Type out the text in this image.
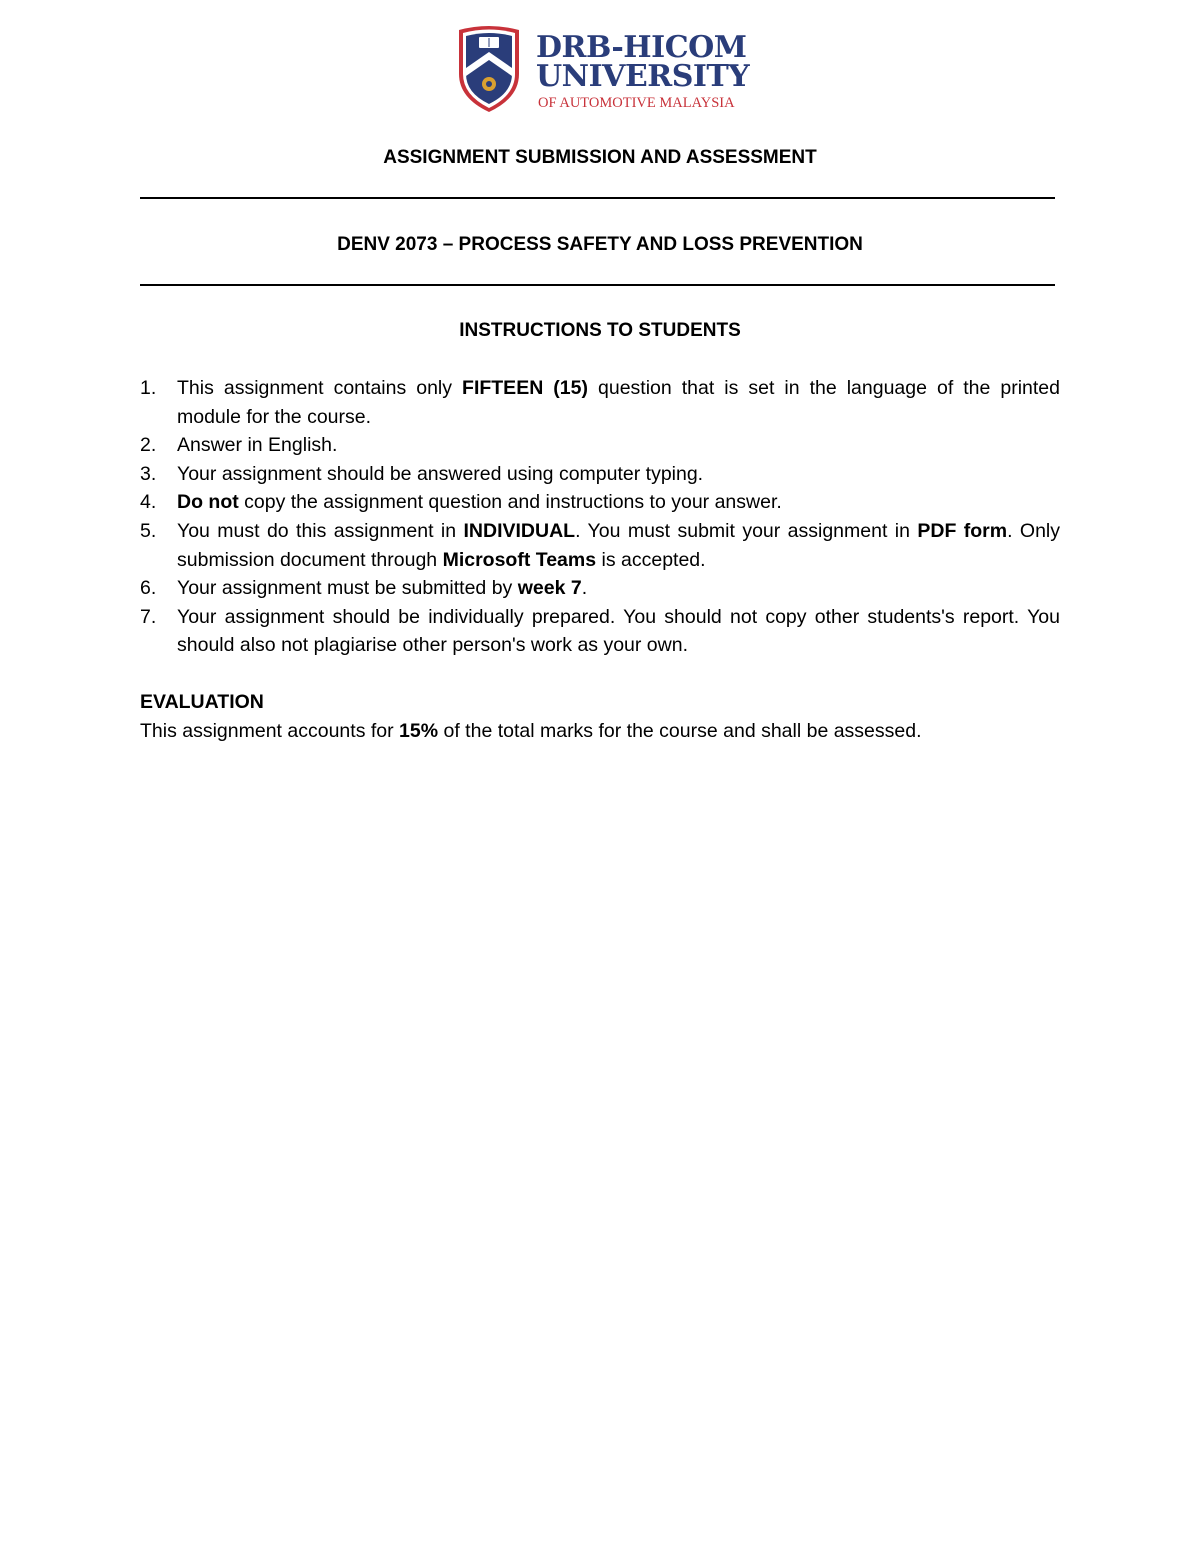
DRB-HICOM
UNIVERSITY
OF AUTOMOTIVE MALAYSIA
ASSIGNMENT SUBMISSION AND ASSESSMENT
DENV 2073 – PROCESS SAFETY AND LOSS PREVENTION
INSTRUCTIONS TO STUDENTS
1. This assignment contains only FIFTEEN (15) question that is set in the language of the printed module for the course.
2. Answer in English.
3. Your assignment should be answered using computer typing.
4. Do not copy the assignment question and instructions to your answer.
5. You must do this assignment in INDIVIDUAL. You must submit your assignment in PDF form. Only submission document through Microsoft Teams is accepted.
6. Your assignment must be submitted by week 7.
7. Your assignment should be individually prepared. You should not copy other students's report. You should also not plagiarise other person's work as your own.
EVALUATION
This assignment accounts for 15% of the total marks for the course and shall be assessed.
